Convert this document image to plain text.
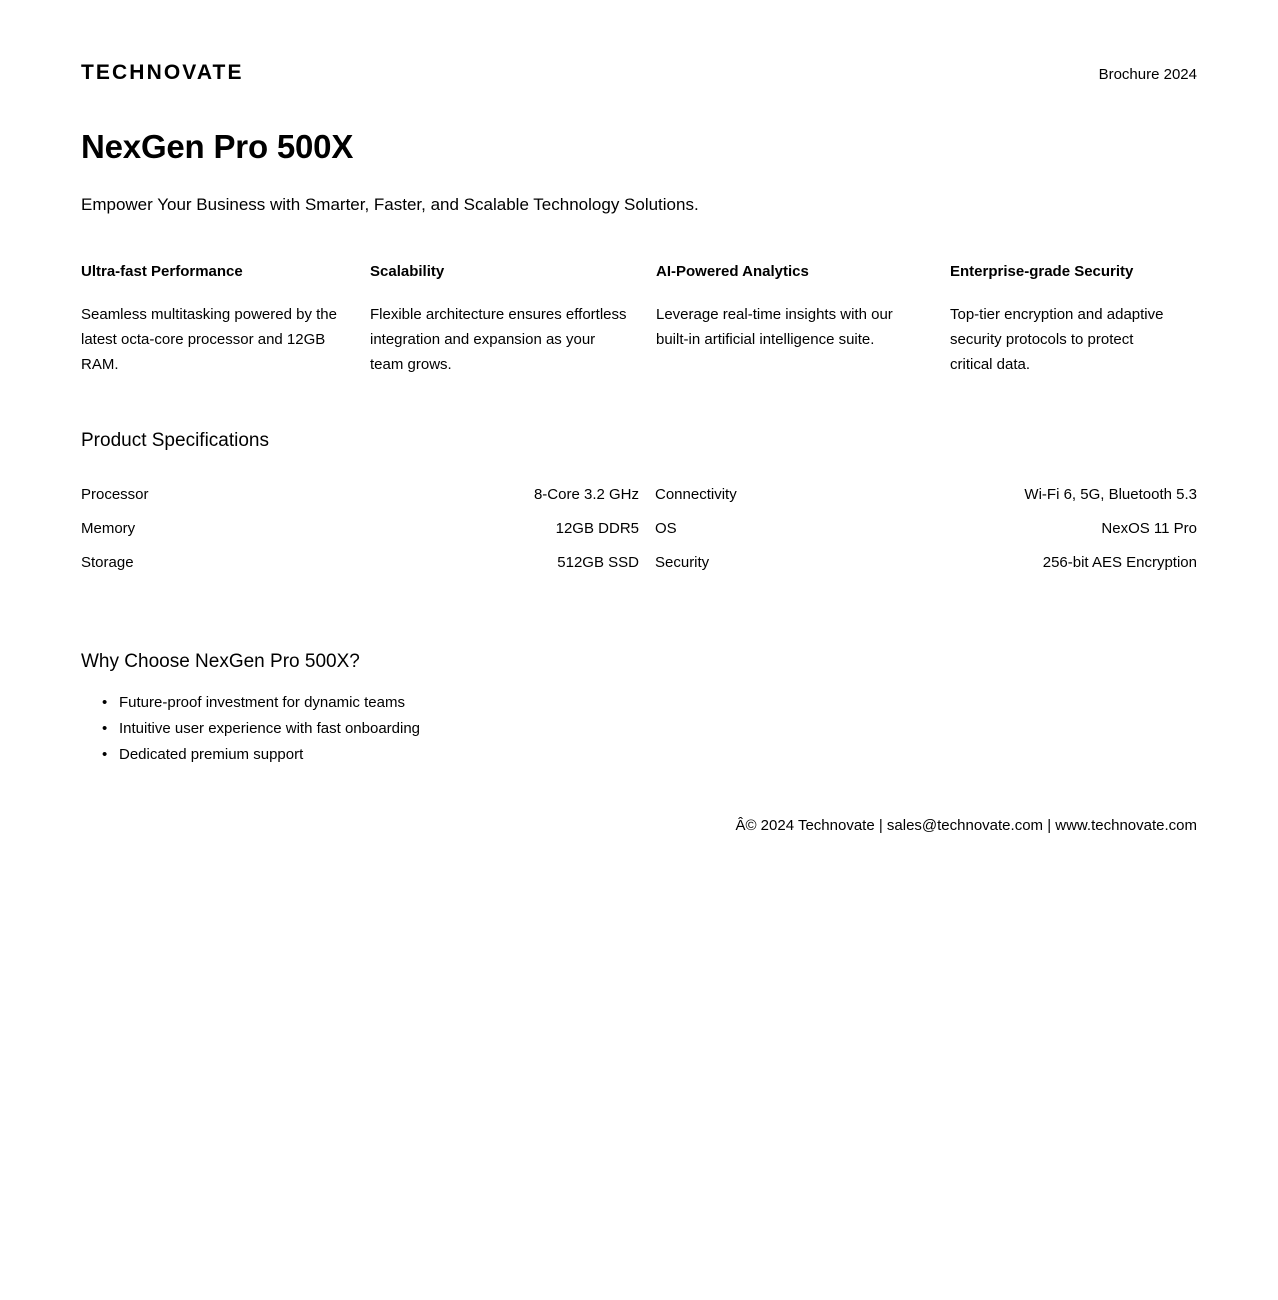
TECHNOVATE	Brochure 2024
NexGen Pro 500X

Empower Your Business with Smarter, Faster, and Scalable Technology Solutions.

Ultra-fast Performance

Seamless multitasking powered by the latest octa-core processor and 12GB RAM.

Scalability

Flexible architecture ensures effortless integration and expansion as your team grows.

AI-Powered Analytics

Leverage real-time insights with our built-in artificial intelligence suite.

Enterprise-grade Security

Top-tier encryption and adaptive security protocols to protect critical data.

Product Specifications
Processor	8-Core 3.2 GHz	Connectivity	Wi-Fi 6, 5G, Bluetooth 5.3
Memory	12GB DDR5	OS	NexOS 11 Pro
Storage	512GB SSD	Security	256-bit AES Encryption
Why Choose NexGen Pro 500X?
• Future-proof investment for dynamic teams
• Intuitive user experience with fast onboarding
• Dedicated premium support
Â© 2024 Technovate | sales@technovate.com | www.technovate.com
